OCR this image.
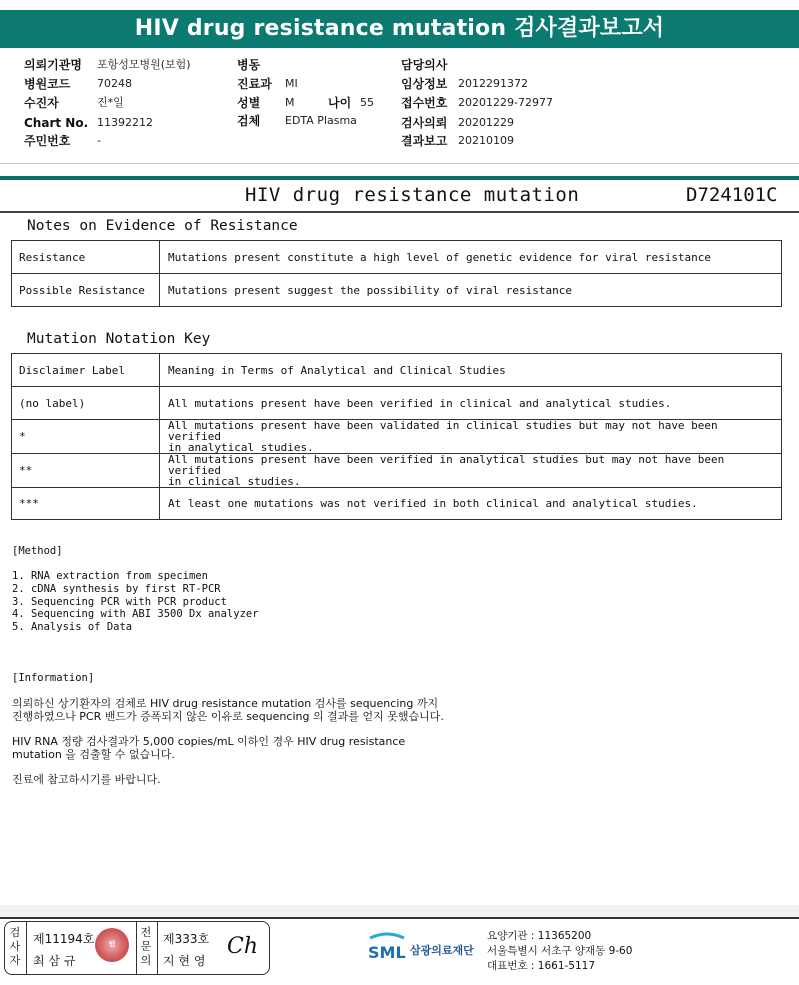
HIV drug resistance mutation 검사결과보고서
의뢰기관명 포항성모병원(보험)
병원코드 70248
수진자	진*일
Chart No. 11392212
주민번호 -
병동
진료과 MI
성별 M	나이 55
검체 EDTA Plasma
담당의사
임상정보 2012291372
접수번호 20201229-72977
검사의뢰 20201229
결과보고 20210109
HIV drug resistance mutation	D724101C
Notes on Evidence of Resistance
Resistance	Mutations present constitute a high level of genetic evidence for viral resistance
Possible Resistance	Mutations present suggest the possibility of viral resistance
Mutation Notation Key
Disclaimer Label	Meaning in Terms of Analytical and Clinical Studies
(no label)	All mutations present have been verified in clinical and analytical studies.
*	All mutations present have been validated in clinical studies but may not have been verified
in analytical studies.
**	All mutations present have been verified in analytical studies but may not have been verified
in clinical studies.
***	At least one mutations was not verified in both clinical and analytical studies.
[Method]
1. RNA extraction from specimen
2. cDNA synthesis by first RT-PCR
3. Sequencing PCR with PCR product
4. Sequencing with ABI 3500 Dx analyzer
5. Analysis of Data
[Information]
의뢰하신 상기환자의 검체로 HIV drug resistance mutation 검사를 sequencing 까지
진행하였으나 PCR 밴드가 증폭되지 않은 이유로 sequencing 의 결과를 얻지 못했습니다.
HIV RNA 정량 검사결과가 5,000 copies/mL 이하인 경우 HIV drug resistance
mutation 을 검출할 수 없습니다.
진료에 참고하시기를 바랍니다.
검
사
자
제11194호
최 삼 규
전
문
의
제333호
지 현 영
Ch
인	SML 삼광의료재단
요양기관 : 11365200
서울특별시 서초구 양재동 9-60
대표번호 : 1661-5117
